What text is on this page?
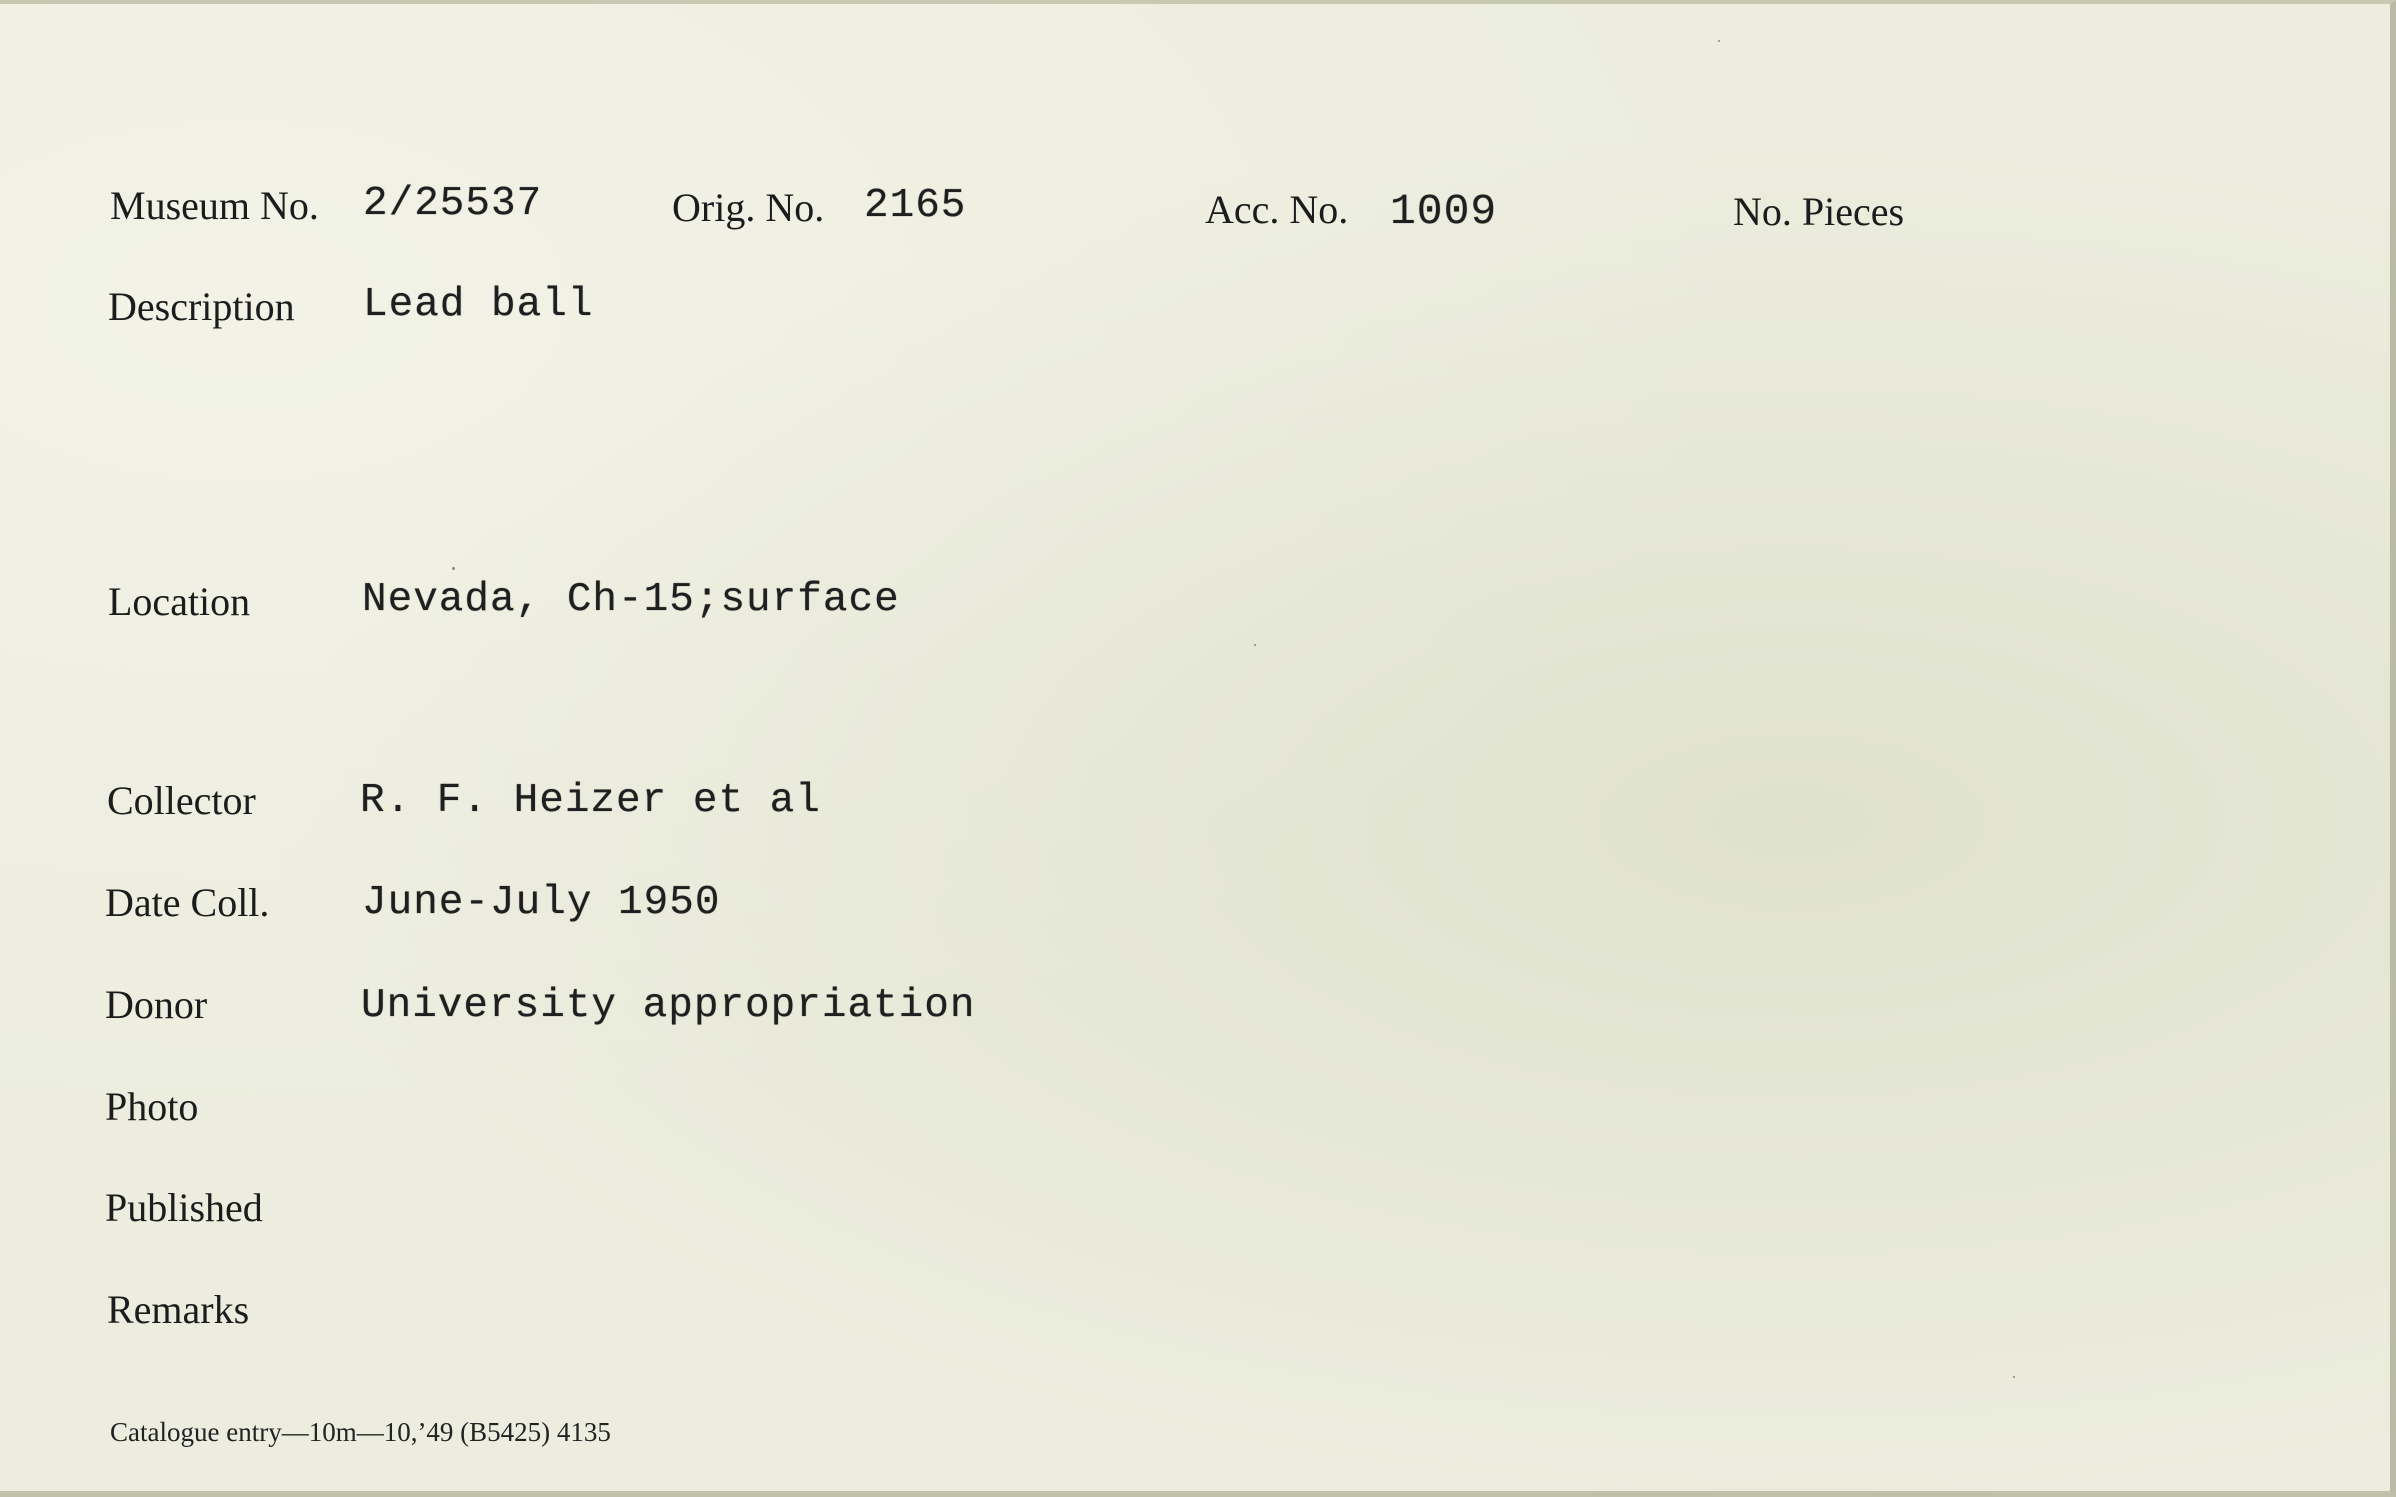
Museum No. 2/25537	Orig. No. 2165	Acc. No. 1009	No. Pieces
Description Lead ball
Location	Nevada, Ch-15;surface
Collector	R. F. Heizer et al
Date Coll. June-July 1950
Donor	University appropriation
Photo
Published
Remarks
Catalogue entry—10m—10,’49 (B5425) 4135
